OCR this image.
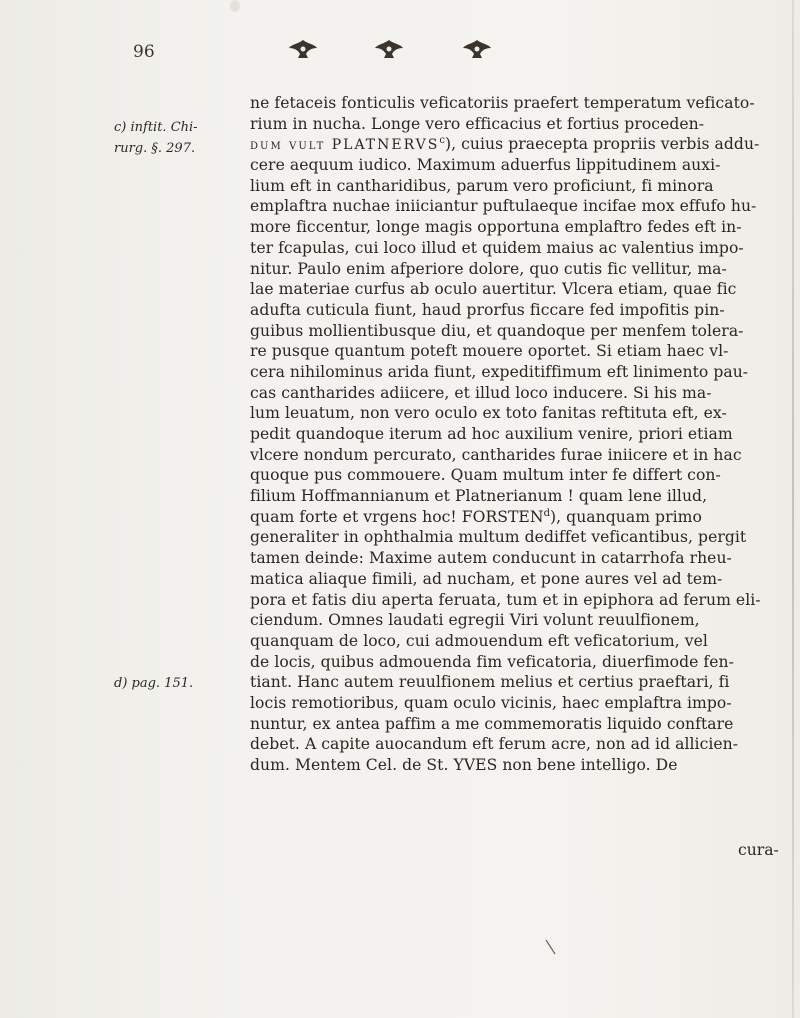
96
c) inftit. Chi-
rurg. §. 297.
d) pag. 151.
ne fetaceis fonticulis veficatoriis praefert temperatum veficato-
rium in nucha. Longe vero efficacius et fortius proceden-
dum vult PLATNERVS$^c$), cuius praecepta propriis verbis addu-
cere aequum iudico. Maximum aduerfus lippitudinem auxi-
lium eft in cantharidibus, parum vero proficiunt, fi minora
emplaftra nuchae iniiciantur puftulaeque incifae mox effufo hu-
more ficcentur, longe magis opportuna emplaftro fedes eft in-
ter fcapulas, cui loco illud et quidem maius ac valentius impo-
nitur. Paulo enim afperiore dolore, quo cutis fic vellitur, ma-
lae materiae curfus ab oculo auertitur. Vlcera etiam, quae fic
adufta cuticula fiunt, haud prorfus ficcare fed impofitis pin-
guibus mollientibusque diu, et quandoque per menfem tolera-
re pusque quantum poteft mouere oportet. Si etiam haec vl-
cera nihilominus arida fiunt, expeditiffimum eft linimento pau-
cas cantharides adiicere, et illud loco inducere. Si his ma-
lum leuatum, non vero oculo ex toto fanitas reftituta eft, ex-
pedit quandoque iterum ad hoc auxilium venire, priori etiam
vlcere nondum percurato, cantharides furae iniicere et in hac
quoque pus commouere. Quam multum inter fe differt con-
filium Hoffmannianum et Platnerianum ! quam lene illud,
quam forte et vrgens hoc! FORSTEN$^d$), quanquam primo
generaliter in ophthalmia multum dediffet veficantibus, pergit
tamen deinde: Maxime autem conducunt in catarrhofa rheu-
matica aliaque fimili, ad nucham, et pone aures vel ad tem-
pora et fatis diu aperta feruata, tum et in epiphora ad ferum eli-
ciendum. Omnes laudati egregii Viri volunt reuulfionem,
quanquam de loco, cui admouendum eft veficatorium, vel
de locis, quibus admouenda fim veficatoria, diuerfimode fen-
tiant. Hanc autem reuulfionem melius et certius praeftari, fi
locis remotioribus, quam oculo vicinis, haec emplaftra impo-
nuntur, ex antea paffim a me commemoratis liquido conftare
debet. A capite auocandum eft ferum acre, non ad id allicien-
dum. Mentem Cel. de St. YVES non bene intelligo. De
cura-
